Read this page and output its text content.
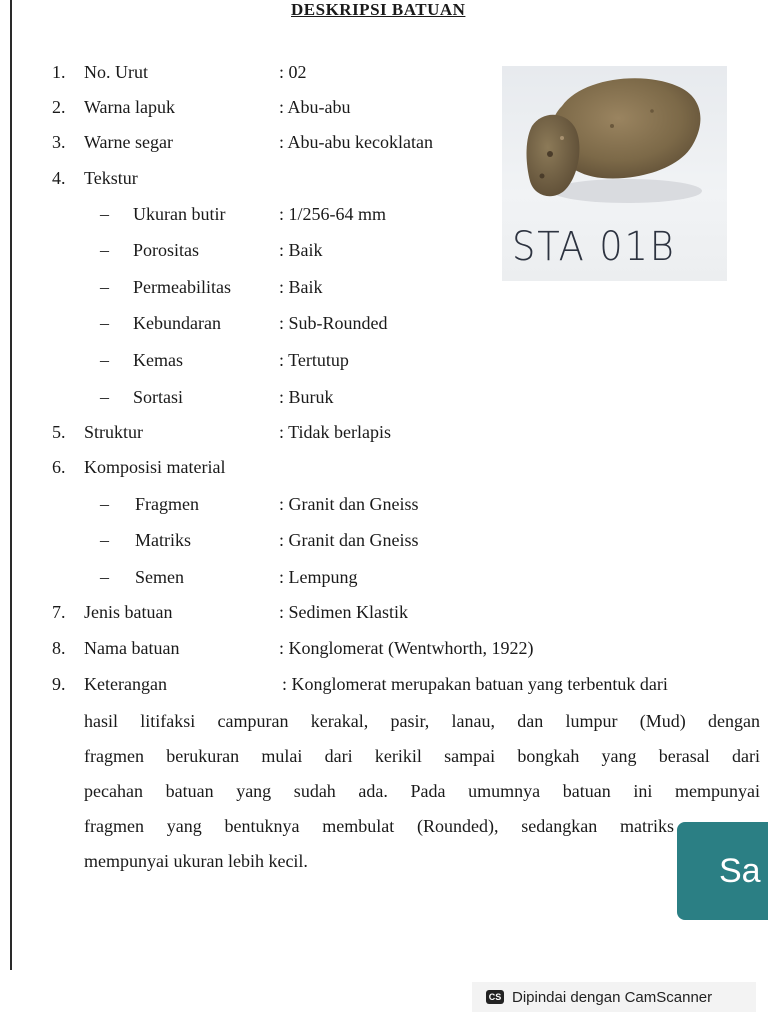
DESKRIPSI BATUAN
1. No. Urut	: 02
2. Warna lapuk	: Abu-abu
3. Warne segar	: Abu-abu kecoklatan
4. Tekstur
– Ukuran butir	: 1/256-64 mm
– Porositas	: Baik
– Permeabilitas	: Baik
– Kebundaran	: Sub-Rounded
– Kemas	: Tertutup
– Sortasi	: Buruk
5. Struktur	: Tidak berlapis
6. Komposisi material
– Fragmen	: Granit dan Gneiss
– Matriks	: Granit dan Gneiss
– Semen	: Lempung
7. Jenis batuan	: Sedimen Klastik
8. Nama batuan	: Konglomerat (Wentwhorth, 1922)
9. Keterangan	: Konglomerat merupakan batuan yang terbentuk dari
hasil litifaksi campuran kerakal, pasir, lanau, dan lumpur (Mud) dengan
fragmen berukuran mulai dari kerikil sampai bongkah yang berasal dari
pecahan batuan yang sudah ada. Pada umumnya batuan ini mempunyai
fragmen yang bentuknya membulat (Rounded), sedangkan matriks
mempunyai ukuran lebih kecil.
STA 01B
Sa
CS Dipindai dengan CamScanner
